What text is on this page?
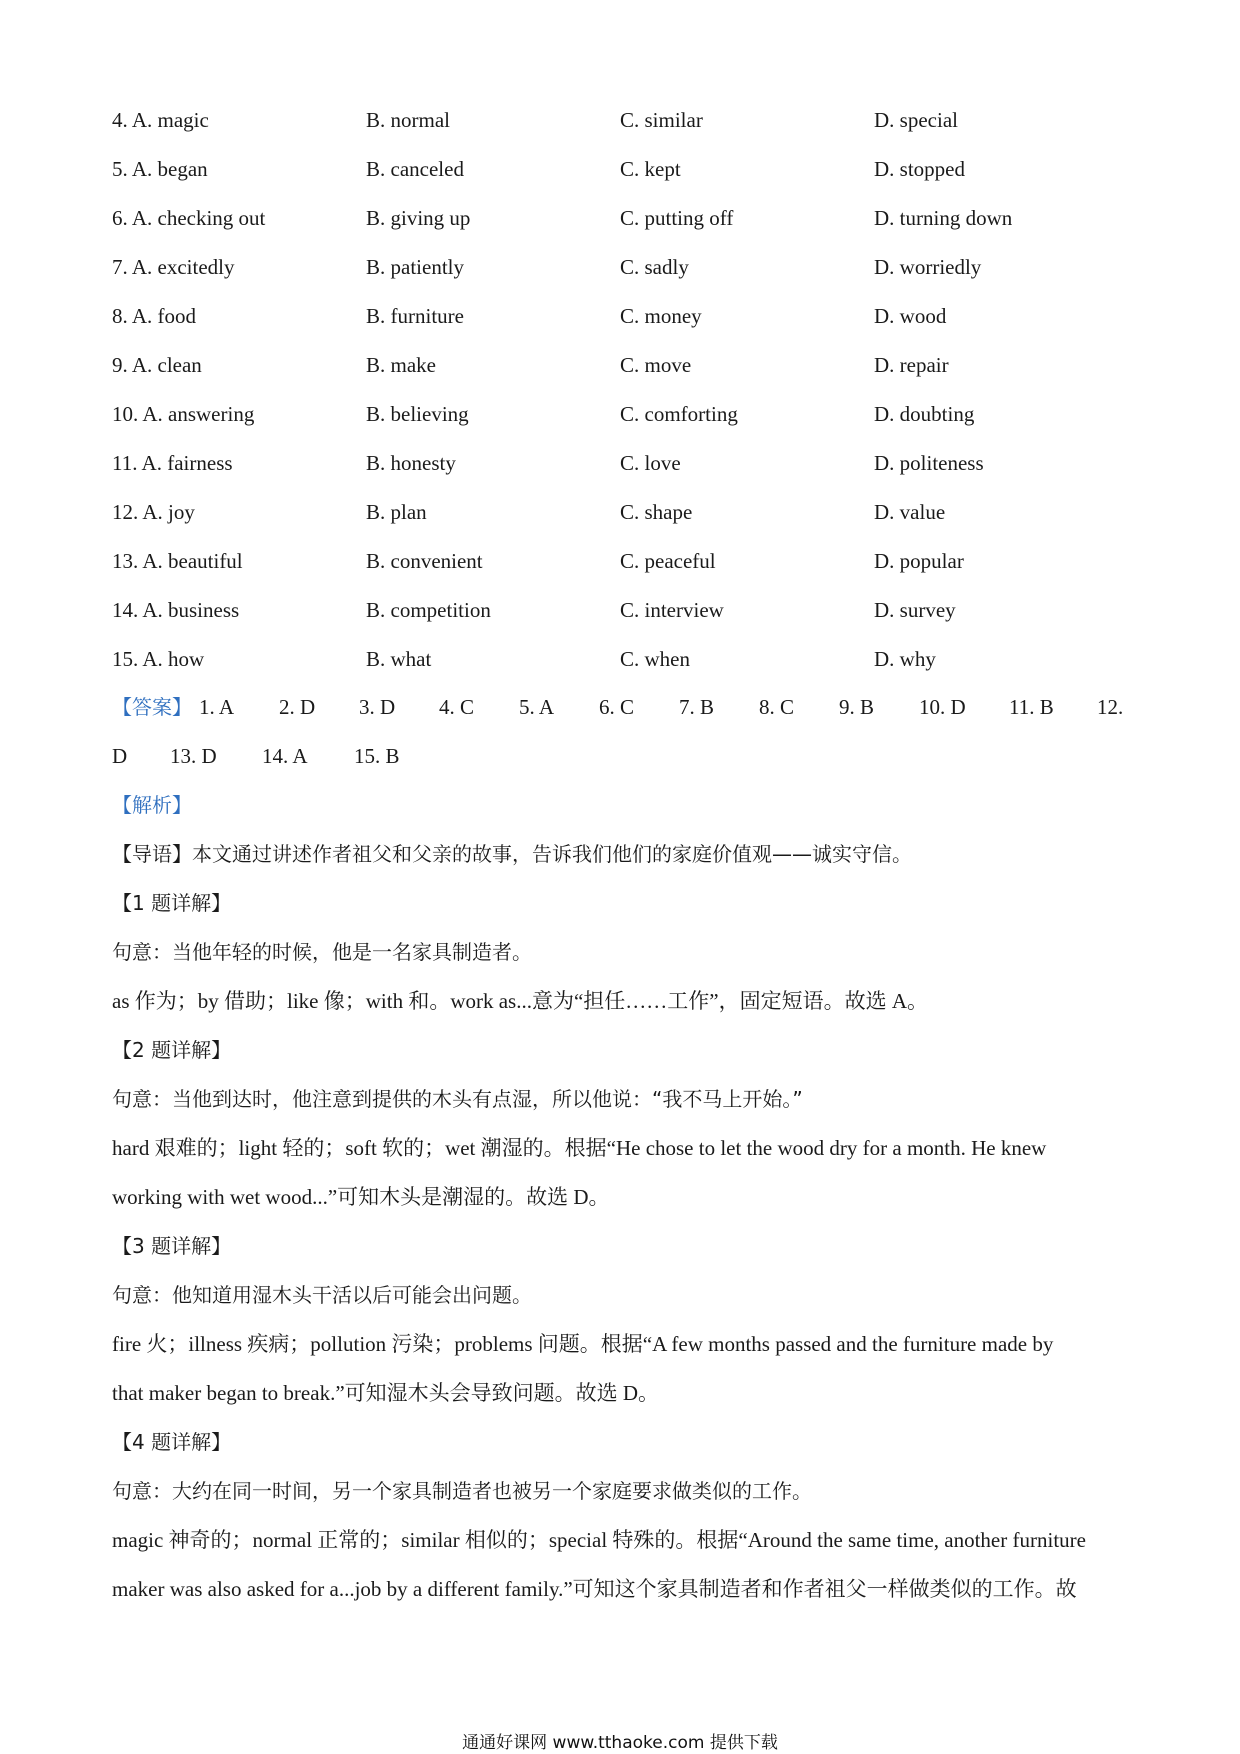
4. A. magic	B. normal	C. similar	D. special
5. A. began	B. canceled	C. kept	D. stopped
6. A. checking out	B. giving up	C. putting off	D. turning down
7. A. excitedly	B. patiently	C. sadly	D. worriedly
8. A. food	B. furniture	C. money	D. wood
9. A. clean	B. make	C. move	D. repair
10. A. answering	B. believing	C. comforting	D. doubting
11. A. fairness	B. honesty	C. love	D. politeness
12. A. joy	B. plan	C. shape	D. value
13. A. beautiful	B. convenient	C. peaceful	D. popular
14. A. business	B. competition	C. interview	D. survey
15. A. how	B. what	C. when	D. why
【答案】 1. A 2. D 3. D 4. C 5. A 6. C 7. B 8. C 9. B 10. D 11. B 12.
D 13. D 14. A 15. B
【解析】
【导语】本文通过讲述作者祖父和父亲的故事，告诉我们他们的家庭价值观——诚实守信。
【1 题详解】
句意：当他年轻的时候，他是一名家具制造者。
as 作为；by 借助；like 像；with 和。work as...意为“担任……工作”，固定短语。故选 A。
【2 题详解】
句意：当他到达时，他注意到提供的木头有点湿，所以他说：“我不马上开始。”
hard 艰难的；light 轻的；soft 软的；wet 潮湿的。根据“He chose to let the wood dry for a month. He knew
working with wet wood...”可知木头是潮湿的。故选 D。
【3 题详解】
句意：他知道用湿木头干活以后可能会出问题。
fire 火；illness 疾病；pollution 污染；problems 问题。根据“A few months passed and the furniture made by
that maker began to break.”可知湿木头会导致问题。故选 D。
【4 题详解】
句意：大约在同一时间，另一个家具制造者也被另一个家庭要求做类似的工作。
magic 神奇的；normal 正常的；similar 相似的；special 特殊的。根据“Around the same time, another furniture
maker was also asked for a...job by a different family.”可知这个家具制造者和作者祖父一样做类似的工作。故
通通好课网 www.tthaoke.com 提供下载
